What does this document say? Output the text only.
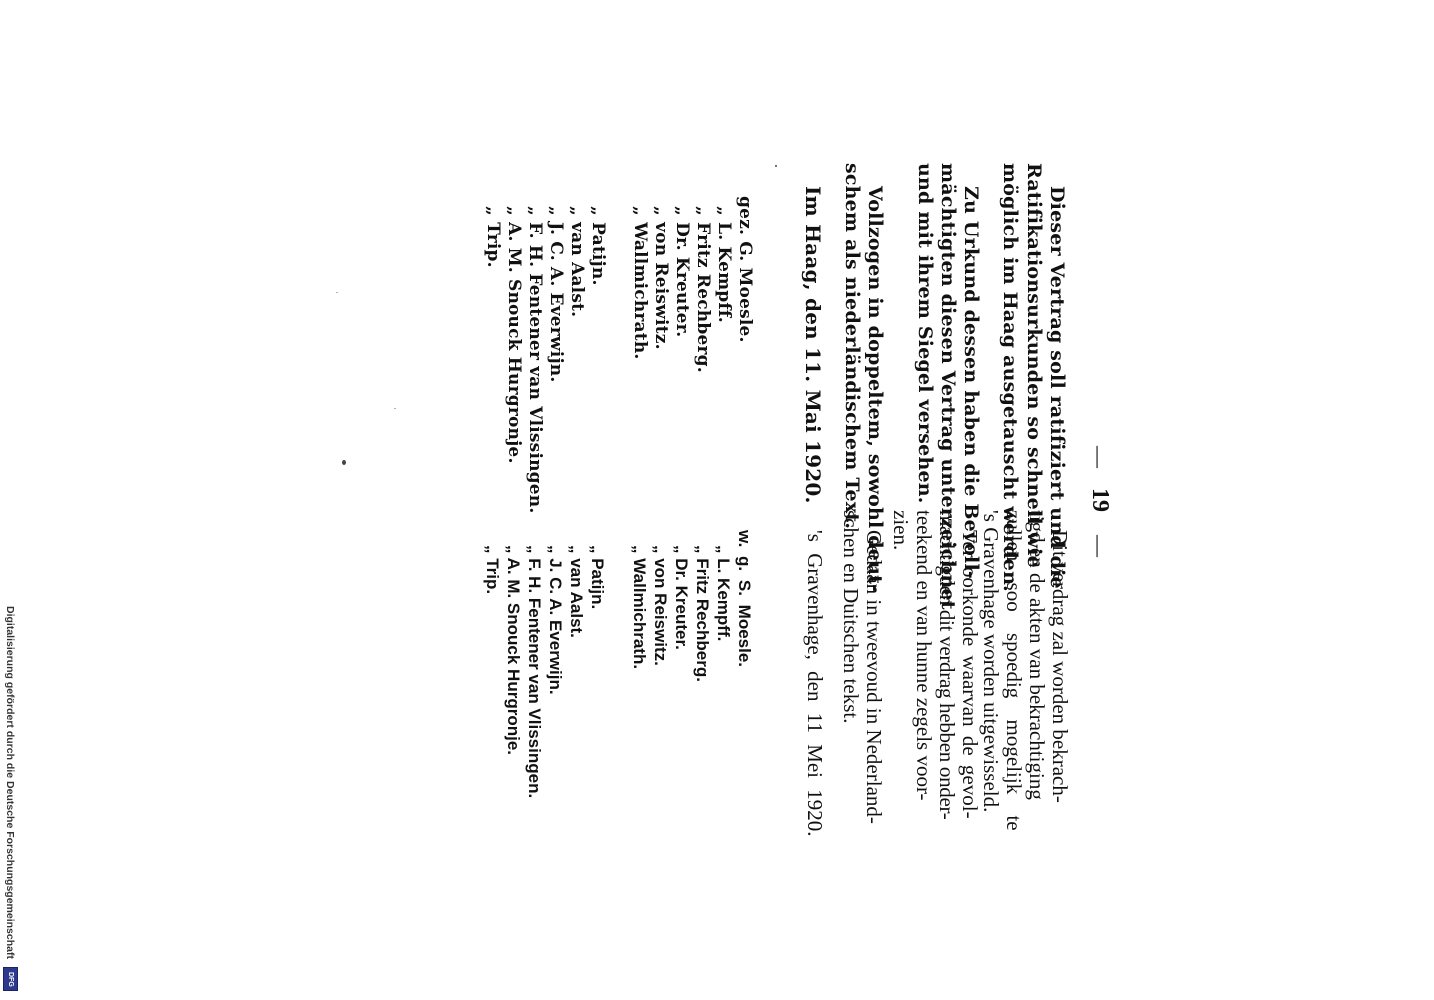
—
19
—
Dieser Vertrag soll ratifiziert und die
Ratifikationsurkunden so schnell wie
möglich im Haag ausgetauscht werden.
Zu Urkund dessen haben die Bevoll-
mächtigten diesen Vertrag unterzeichnet
und mit ihrem Siegel versehen.
Vollzogen in doppeltem, sowohl deut-
schem als niederländischem Text.
Im Haag, den 11. Mai 1920.
gez. G. Moesle.
„ L. Kempff.
„ Fritz Rechberg.
„ Dr. Kreuter.
„ von Reiswitz.
„ Wallmichrath.
„ Patijn.
„ van Aalst.
„ J. C. A. Everwijn.
„ F. H. Fentener van Vlissingen.
„ A. M. Snouck Hurgronje.
„ Trip.
Dit verdrag zal worden bekrach-
tigd en de akten van bekrachtiging
zullen soo spoedig mogelijk te
's Gravenhage worden uitgewisseld.
Ter oorkonde waarvan de gevol-
machtigden dit verdrag hebben onder-
teekend en van hunne zegels voor-
zien.
Gedaan in tweevoud in Nederland-
schen en Duitschen tekst.
's Gravenhage, den 11 Mei 1920.
w. g. S. Moesle.
„ L. Kempff.
„ Fritz Rechberg.
„ Dr. Kreuter.
„ von Reiswitz.
„ Wallmichrath.
„ Patijn.
„ van Aalst.
„ J. C. A. Everwijn.
„ F. H. Fentener van Vlissingen.
„ A. M. Snouck Hurgronje.
„ Trip.
Digitalisierung gefördert durch die Deutsche Forschungsgemeinschaft
DFG
